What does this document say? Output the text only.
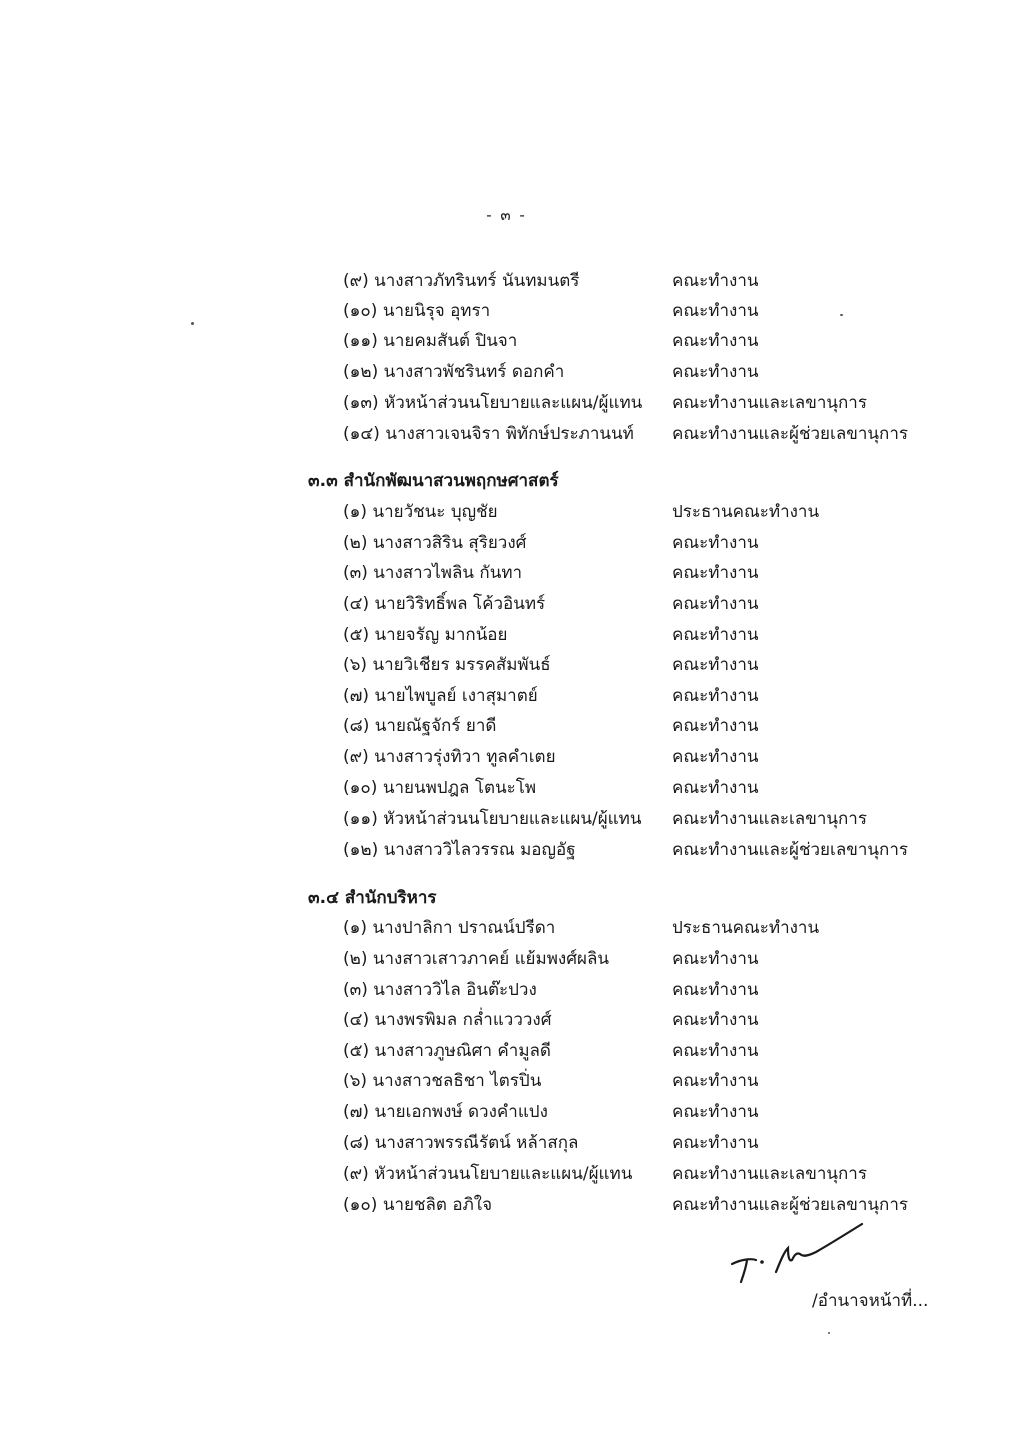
- ๓ -
(๙) นางสาวภัทรินทร์ นันทมนตรี	คณะทำงาน
(๑๐) นายนิรุจ อุทรา	คณะทำงาน
(๑๑) นายคมสันต์ ปินจา	คณะทำงาน
(๑๒) นางสาวพัชรินทร์ ดอกคำ	คณะทำงาน
(๑๓) หัวหน้าส่วนนโยบายและแผน/ผู้แทน คณะทำงานและเลขานุการ
(๑๔) นางสาวเจนจิรา พิทักษ์ประภานนท์ คณะทำงานและผู้ช่วยเลขานุการ
๓.๓ สำนักพัฒนาสวนพฤกษศาสตร์
(๑) นายวัชนะ บุญชัย	ประธานคณะทำงาน
(๒) นางสาวสิริน สุริยวงศ์	คณะทำงาน
(๓) นางสาวไพลิน กันทา	คณะทำงาน
(๔) นายวิริทธิ์พล โค้วอินทร์	คณะทำงาน
(๕) นายจรัญ มากน้อย	คณะทำงาน
(๖) นายวิเชียร มรรคสัมพันธ์	คณะทำงาน
(๗) นายไพบูลย์ เงาสุมาตย์	คณะทำงาน
(๘) นายณัฐจักร์ ยาดี	คณะทำงาน
(๙) นางสาวรุ่งทิวา ทูลคำเตย	คณะทำงาน
(๑๐) นายนพปฎล โตนะโพ	คณะทำงาน
(๑๑) หัวหน้าส่วนนโยบายและแผน/ผู้แทน คณะทำงานและเลขานุการ
(๑๒) นางสาววิไลวรรณ มอญอัฐ	คณะทำงานและผู้ช่วยเลขานุการ
๓.๔ สำนักบริหาร
(๑) นางปาลิกา ปราณน์ปรีดา	ประธานคณะทำงาน
(๒) นางสาวเสาวภาคย์ แย้มพงศ์ผลิน	คณะทำงาน
(๓) นางสาววิไล อินต๊ะปวง	คณะทำงาน
(๔) นางพรพิมล กล่ำแวววงศ์	คณะทำงาน
(๕) นางสาวภูษณิศา คำมูลดี	คณะทำงาน
(๖) นางสาวชลธิชา ไตรปิ่น	คณะทำงาน
(๗) นายเอกพงษ์ ดวงคำแปง	คณะทำงาน
(๘) นางสาวพรรณีรัตน์ หล้าสกุล	คณะทำงาน
(๙) หัวหน้าส่วนนโยบายและแผน/ผู้แทน คณะทำงานและเลขานุการ
(๑๐) นายชลิต อภิใจ	คณะทำงานและผู้ช่วยเลขานุการ
/อำนาจหน้าที่...
